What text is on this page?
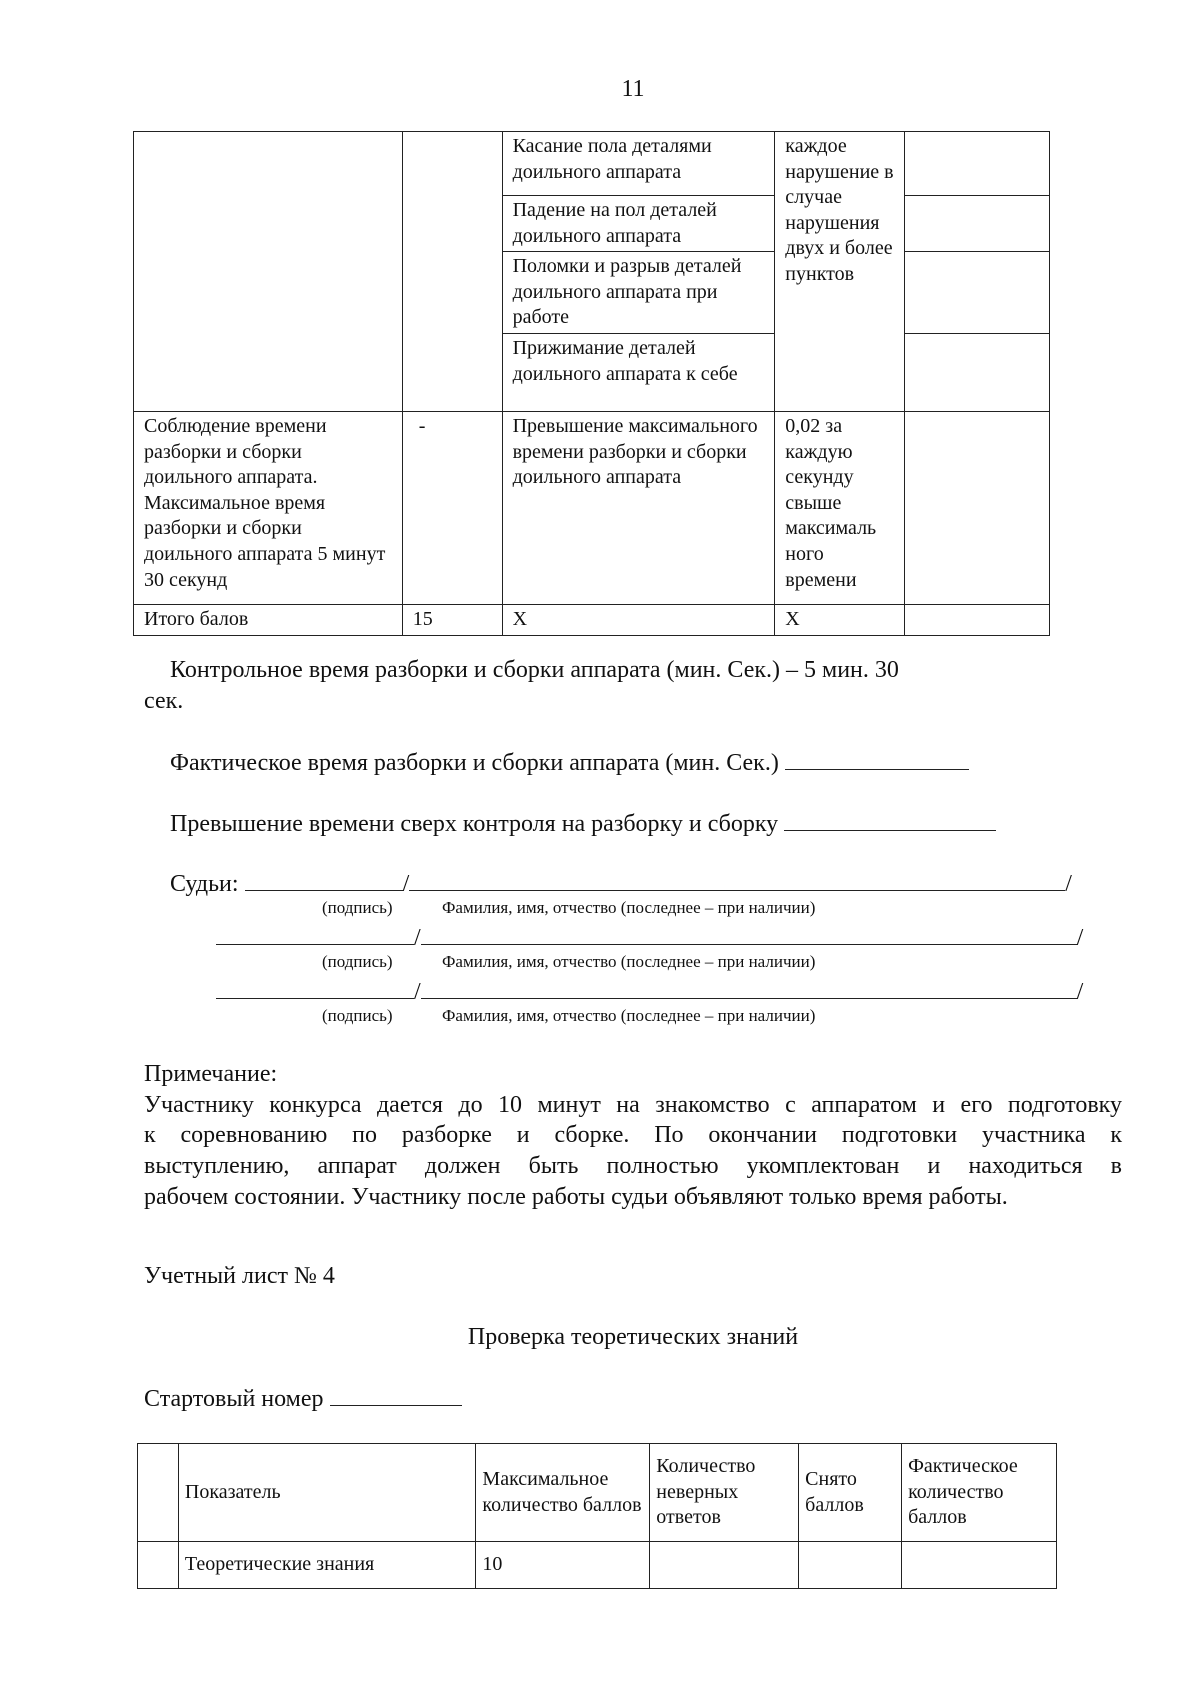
11
		Касание пола деталями доильного аппарата	каждое нарушение в случае нарушения двух и более пунктов	
		Падение на пол деталей доильного аппарата		
		Поломки и разрыв деталей доильного аппарата при работе		
		Прижимание деталей доильного аппарата к себе		
Соблюдение времени разборки и сборки доильного аппарата. Максимальное время разборки и сборки доильного аппарата 5 минут 30 секунд	-	Превышение максимального времени разборки и сборки доильного аппарата	0,02 за каждую секунду свыше максималь ного времени	
Итого балов	15	Х	Х	
Контрольное время разборки и сборки аппарата (мин. Сек.) – 5 мин. 30
сек.
Фактическое время разборки и сборки аппарата (мин. Сек.)
Превышение времени сверх контроля на разборку и сборку
Судьи:	/	/
(подпись)	Фамилия, имя, отчество (последнее – при наличии)
/	/
(подпись)	Фамилия, имя, отчество (последнее – при наличии)
/	/
(подпись)	Фамилия, имя, отчество (последнее – при наличии)
Примечание:
Участнику конкурса дается до 10 минут на знакомство с аппаратом и его подготовку
к соревнованию по разборке и сборке. По окончании подготовки участника к
выступлению, аппарат должен быть полностью укомплектован и находиться в
рабочем состоянии. Участнику после работы судьи объявляют только время работы.
Учетный лист № 4
Проверка теоретических знаний
Стартовый номер
	Показатель	Максимальное количество баллов	Количество неверных ответов	Снято баллов	Фактическое количество баллов
	Теоретические знания	10			
